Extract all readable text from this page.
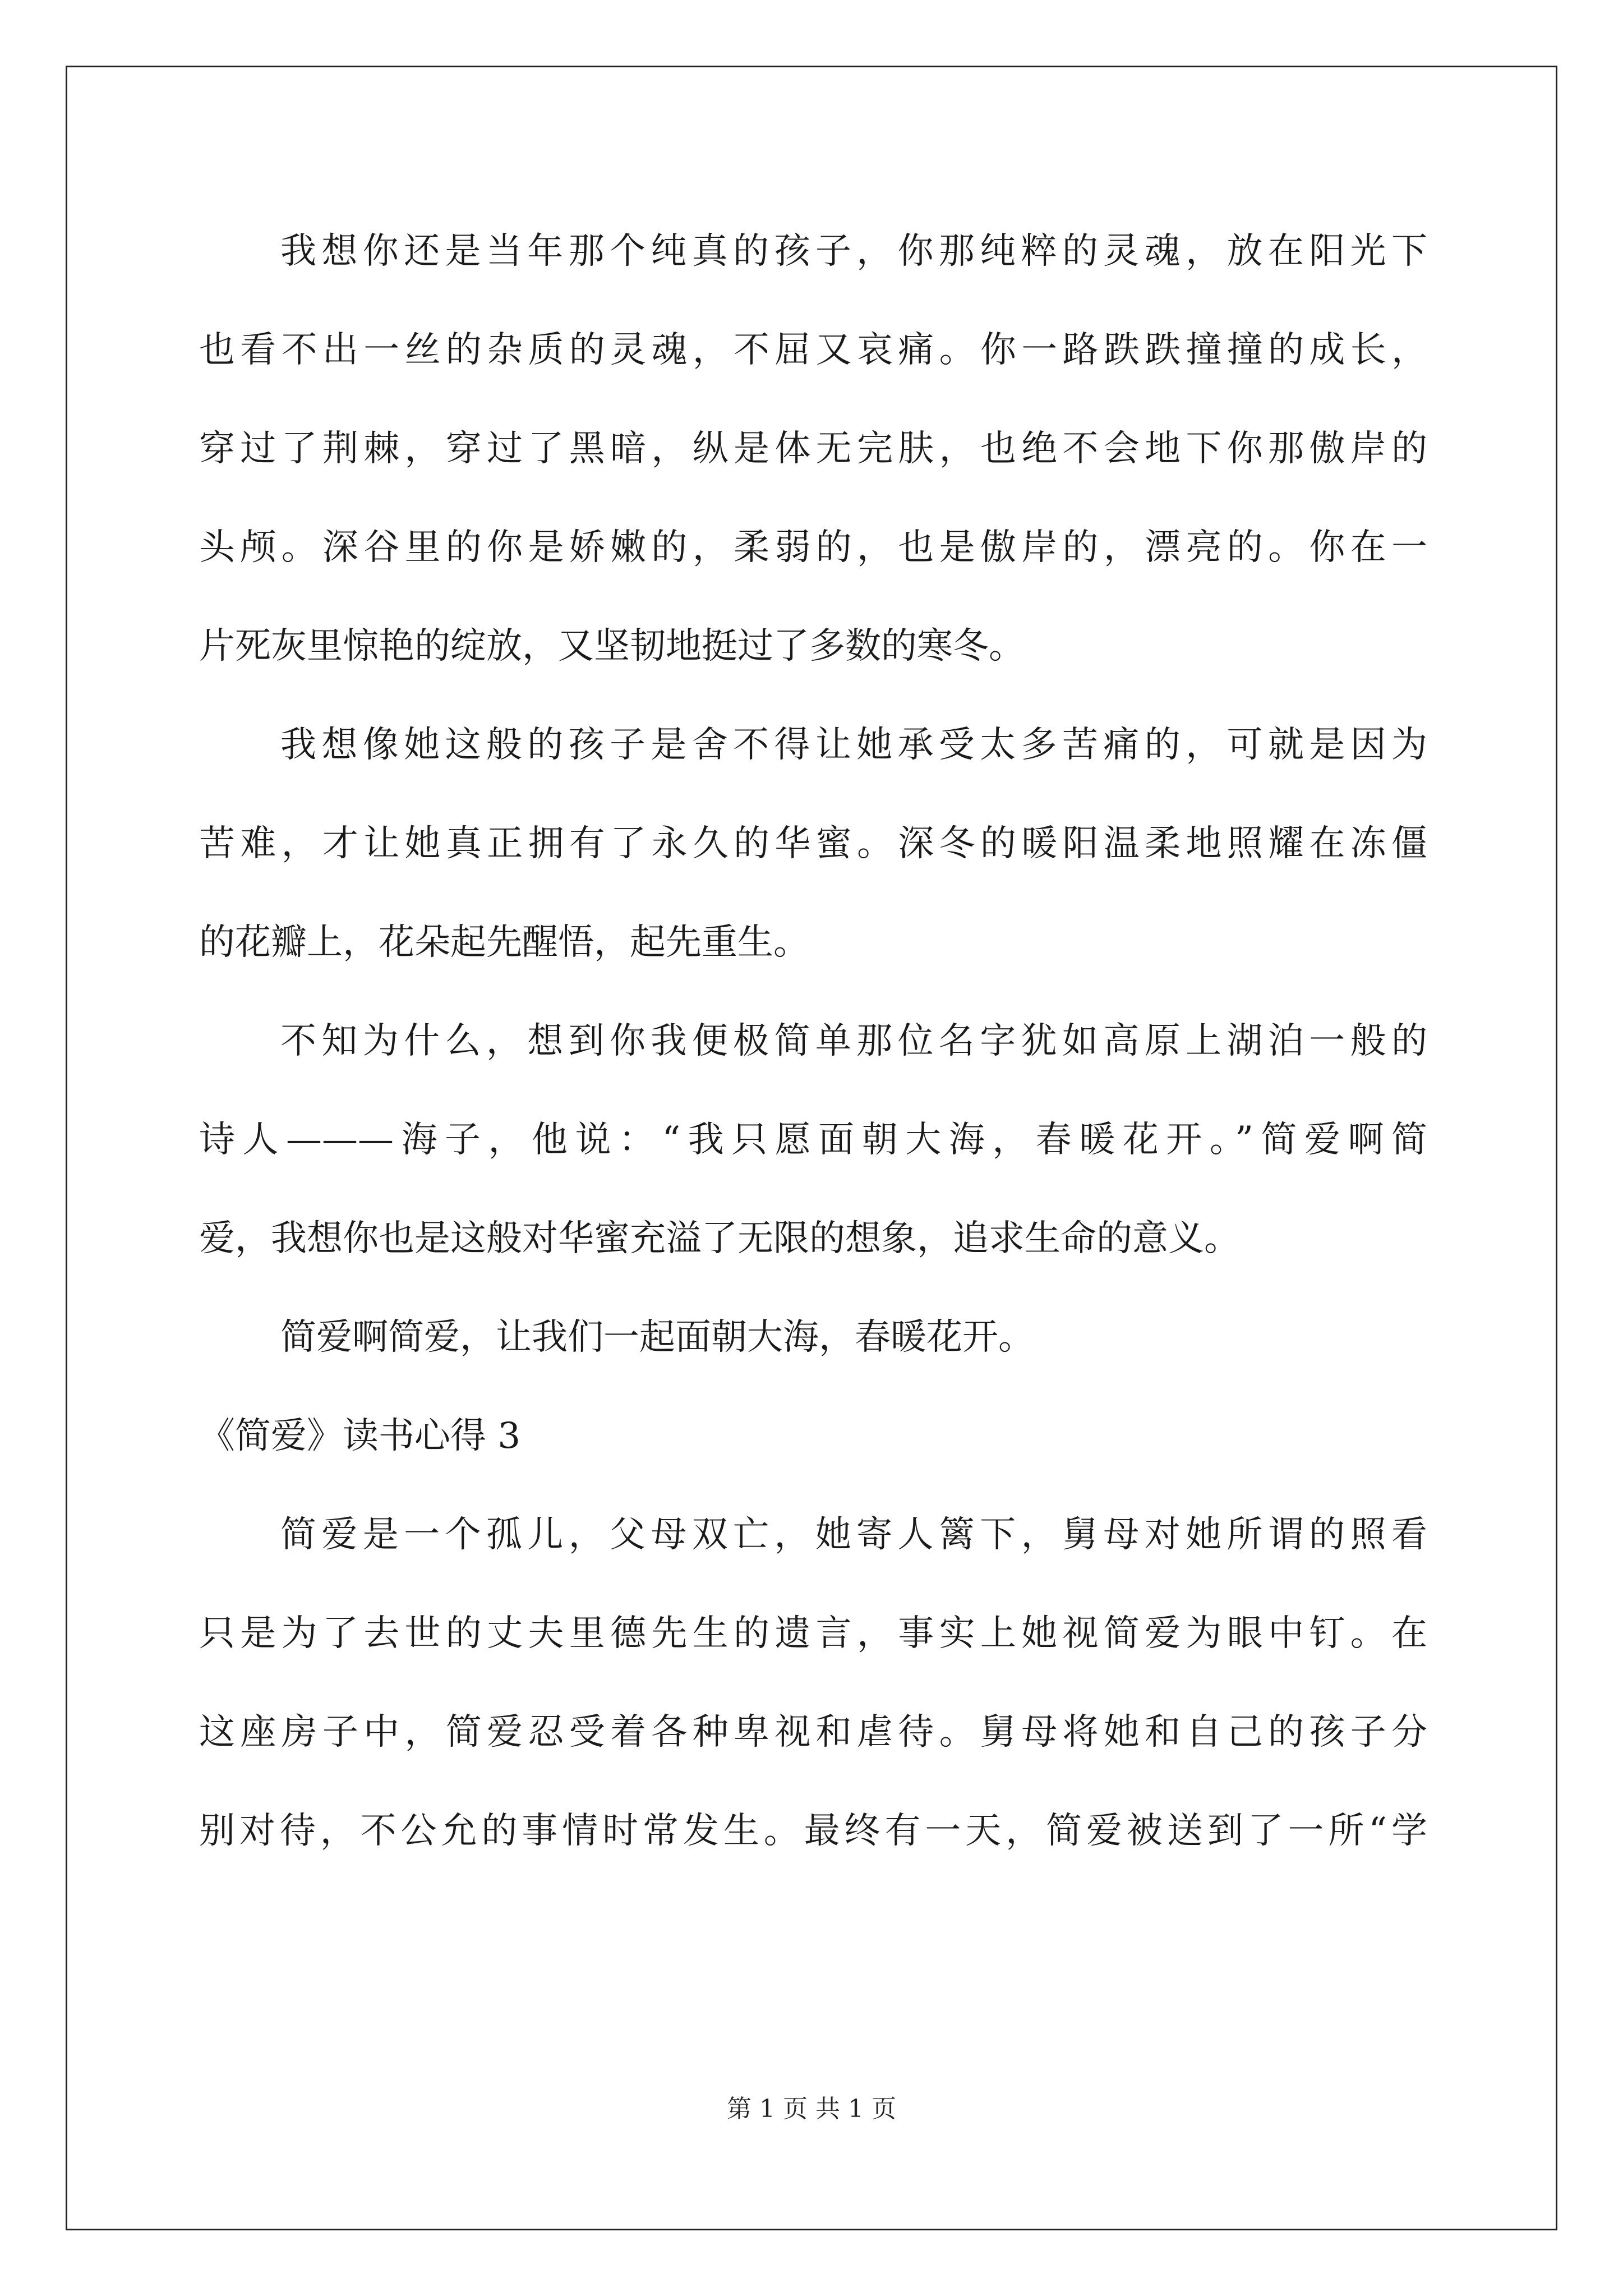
我想你还是当年那个纯真的孩子，你那纯粹的灵魂，放在阳光下
也看不出一丝的杂质的灵魂，不屈又哀痛。你一路跌跌撞撞的成长，
穿过了荆棘，穿过了黑暗，纵是体无完肤，也绝不会地下你那傲岸的
头颅。深谷里的你是娇嫩的，柔弱的，也是傲岸的，漂亮的。你在一
片死灰里惊艳的绽放，又坚韧地挺过了多数的寒冬。
我想像她这般的孩子是舍不得让她承受太多苦痛的，可就是因为
苦难，才让她真正拥有了永久的华蜜。深冬的暖阳温柔地照耀在冻僵
的花瓣上，花朵起先醒悟，起先重生。
不知为什么，想到你我便极简单那位名字犹如高原上湖泊一般的
诗人———海子，他说：“我只愿面朝大海，春暖花开。”简爱啊简
爱，我想你也是这般对华蜜充溢了无限的想象，追求生命的意义。
简爱啊简爱，让我们一起面朝大海，春暖花开。
《简爱》读书心得 3
简爱是一个孤儿，父母双亡，她寄人篱下，舅母对她所谓的照看
只是为了去世的丈夫里德先生的遗言，事实上她视简爱为眼中钉。在
这座房子中，简爱忍受着各种卑视和虐待。舅母将她和自己的孩子分
别对待，不公允的事情时常发生。最终有一天，简爱被送到了一所“学
第 1 页 共 1 页
